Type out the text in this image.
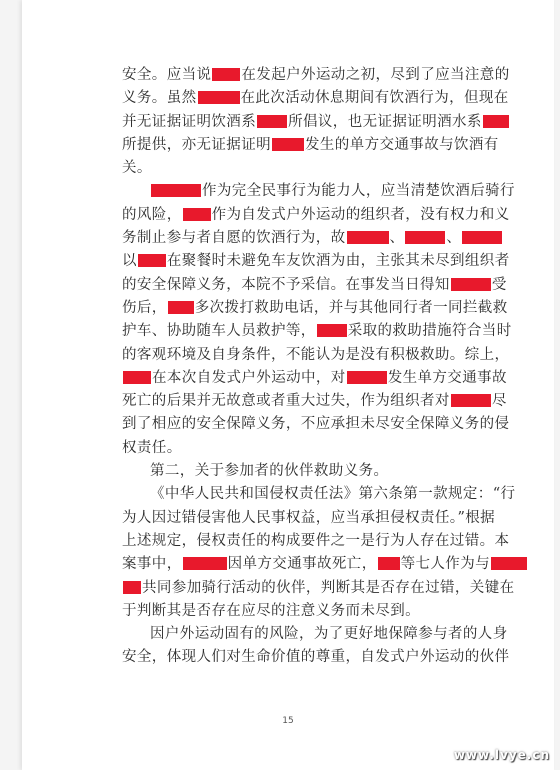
安全。应当说 在发起户外运动之初，尽到了应当注意的
义务。虽然	在此次活动休息期间有饮酒行为，但现在
并无证据证明饮酒系 所倡议，也无证据证明酒水系
所提供，亦无证据证明 发生的单方交通事故与饮酒有
关。
作为完全民事行为能力人，应当清楚饮酒后骑行
的风险， 作为自发式户外运动的组织者，没有权力和义
务制止参与者自愿的饮酒行为，故	、	、
以 在聚餐时未避免车友饮酒为由，主张其未尽到组织者
的安全保障义务，本院不予采信。在事发当日得知	受
伤后， 多次拨打救助电话，并与其他同行者一同拦截救
护车、协助随车人员救护等， 采取的救助措施符合当时
的客观环境及自身条件，不能认为是没有积极救助。综上，
在本次自发式户外运动中，对	发生单方交通事故
死亡的后果并无故意或者重大过失，作为组织者对	尽
到了相应的安全保障义务，不应承担未尽安全保障义务的侵
权责任。
第二，关于参加者的伙伴救助义务。
《中华人民共和国侵权责任法》第六条第一款规定：“行
为人因过错侵害他人民事权益，应当承担侵权责任。”根据
上述规定，侵权责任的构成要件之一是行为人存在过错。本
案事中，	因单方交通事故死亡， 等七人作为与
共同参加骑行活动的伙伴，判断其是否存在过错，关键在
于判断其是否存在应尽的注意义务而未尽到。
因户外运动固有的风险，为了更好地保障参与者的人身
安全，体现人们对生命价值的尊重，自发式户外运动的伙伴
15
www.lvye.cn
